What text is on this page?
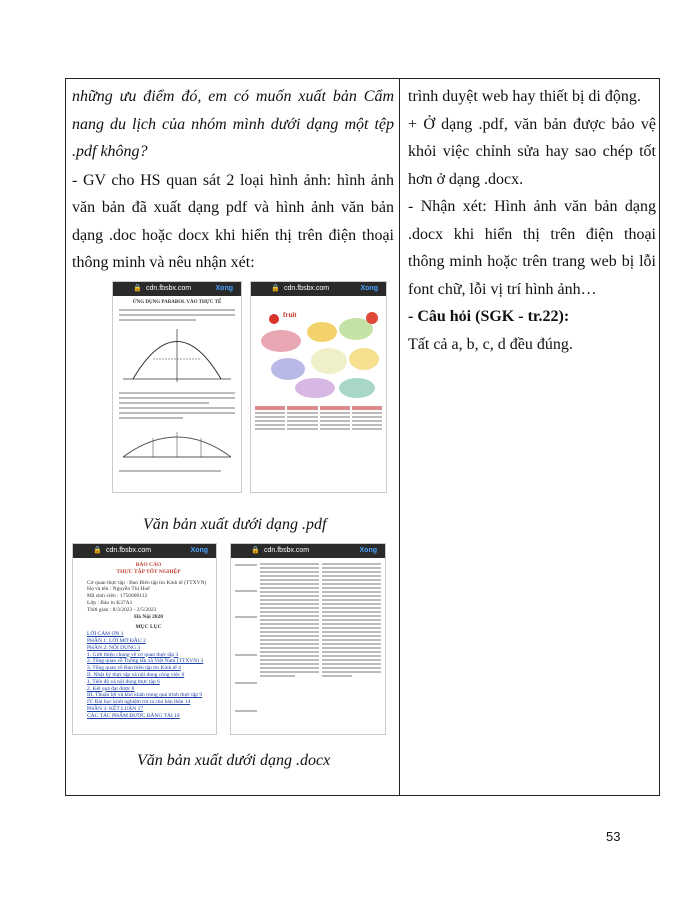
những ưu điểm đó, em có muốn xuất bản Cẩm nang du lịch của nhóm mình dưới dạng một tệp .pdf không?

- GV cho HS quan sát 2 loại hình ảnh: hình ảnh văn bản đã xuất dạng pdf và hình ảnh văn bản dạng .doc hoặc docx khi hiển thị trên điện thoại thông minh và nêu nhận xét:

trình duyệt web hay thiết bị di động.

+ Ở dạng .pdf, văn bản được bảo vệ khỏi việc chỉnh sửa hay sao chép tốt hơn ở dạng .docx.

- Nhận xét: Hình ảnh văn bản dạng .docx khi hiển thị trên điện thoại thông minh hoặc trên trang web bị lỗi font chữ, lỗi vị trí hình ảnh…

- Câu hỏi (SGK - tr.22):

Tất cả a, b, c, d đều đúng.

🔒 cdn.fbsbx.com	Xong
ỨNG DỤNG PARABOL VÀO THỰC TẾ
🔒 cdn.fbsbx.com	Xong
fruit
Văn bản xuất dưới dạng .pdf
🔒 cdn.fbsbx.com	Xong
BÁO CÁO
THỰC TẬP TỐT NGHIỆP
Cơ quan thực tập : Ban Biên tập tin Kinh tế (TTXVN)
Họ và tên : Nguyễn Thị Huế
Mã sinh viên : 1756000112
Lớp : Báo in K37A1
Thời gian : 8/3/2023 - 2/5/2023
Hà Nội 2020
MỤC LỤC
LỜI CẢM ƠN 1
PHẦN 1: LỜI MỞ ĐẦU 2
PHẦN 2: NỘI DUNG 3
1. Giới thiệu chung về cơ quan thực tập 3
2. Tổng quan về Thông tấn xã Việt Nam (TTXVN) 3
3. Tổng quan về Ban biên tập tin Kinh tế 4
II. Nhật ký thực tập và nội dung công việc 6
1. Tiến độ và nội dung thực tập 6
2. Kết quả đạt được 8
III. Thuận lợi và khó khăn trong quá trình thực tập 9
IV. Bài học kinh nghiệm rút ra cho bản thân 14
PHẦN 3: KẾT LUẬN 17
CÁC TÁC PHẨM ĐƯỢC ĐĂNG TẢI 18
🔒 cdn.fbsbx.com	Xong
Văn bản xuất dưới dạng .docx
53
